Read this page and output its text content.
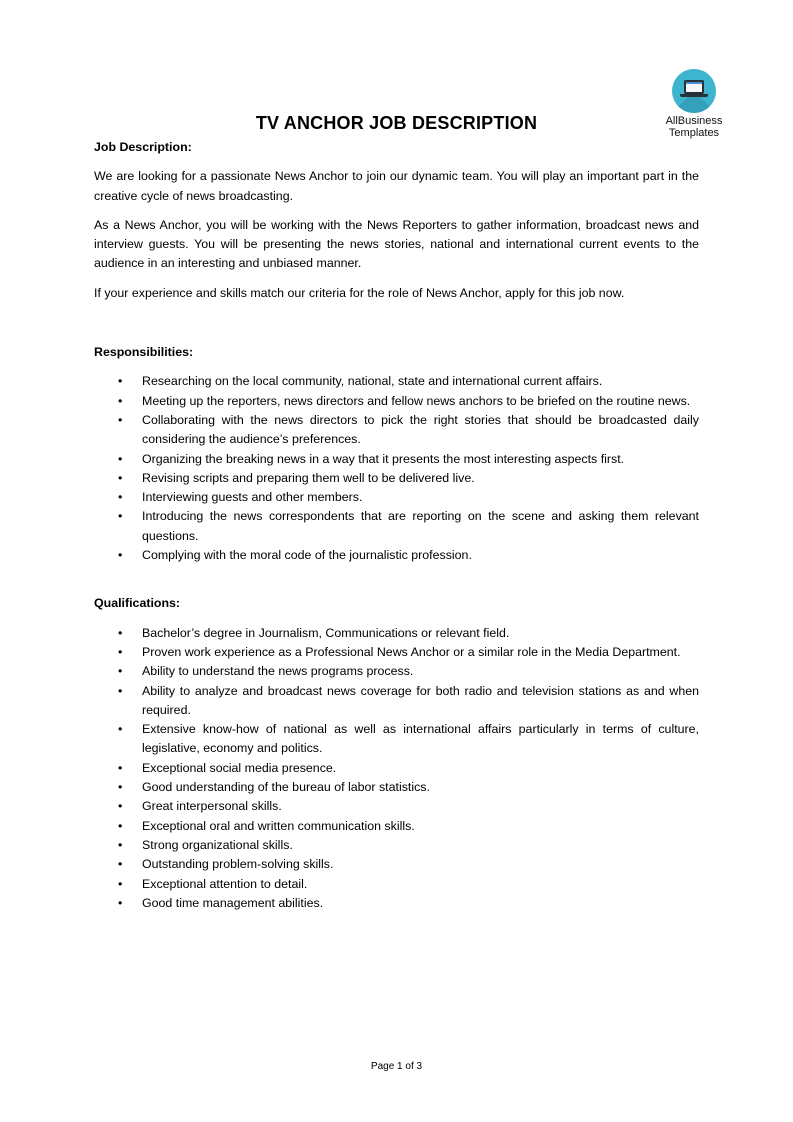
AllBusiness
Templates
TV ANCHOR JOB DESCRIPTION
Job Description:

We are looking for a passionate News Anchor to join our dynamic team. You will play an important part in the creative cycle of news broadcasting.

As a News Anchor, you will be working with the News Reporters to gather information, broadcast news and interview guests. You will be presenting the news stories, national and international current events to the audience in an interesting and unbiased manner.

If your experience and skills match our criteria for the role of News Anchor, apply for this job now.

Responsibilities:
• Researching on the local community, national, state and international current affairs.
• Meeting up the reporters, news directors and fellow news anchors to be briefed on the routine news.
• Collaborating with the news directors to pick the right stories that should be broadcasted daily considering the audience’s preferences.
• Organizing the breaking news in a way that it presents the most interesting aspects first.
• Revising scripts and preparing them well to be delivered live.
• Interviewing guests and other members.
• Introducing the news correspondents that are reporting on the scene and asking them relevant questions.
• Complying with the moral code of the journalistic profession.
Qualifications:
• Bachelor’s degree in Journalism, Communications or relevant field.
• Proven work experience as a Professional News Anchor or a similar role in the Media Department.
• Ability to understand the news programs process.
• Ability to analyze and broadcast news coverage for both radio and television stations as and when required.
• Extensive know-how of national as well as international affairs particularly in terms of culture, legislative, economy and politics.
• Exceptional social media presence.
• Good understanding of the bureau of labor statistics.
• Great interpersonal skills.
• Exceptional oral and written communication skills.
• Strong organizational skills.
• Outstanding problem-solving skills.
• Exceptional attention to detail.
• Good time management abilities.
Page 1 of 3
